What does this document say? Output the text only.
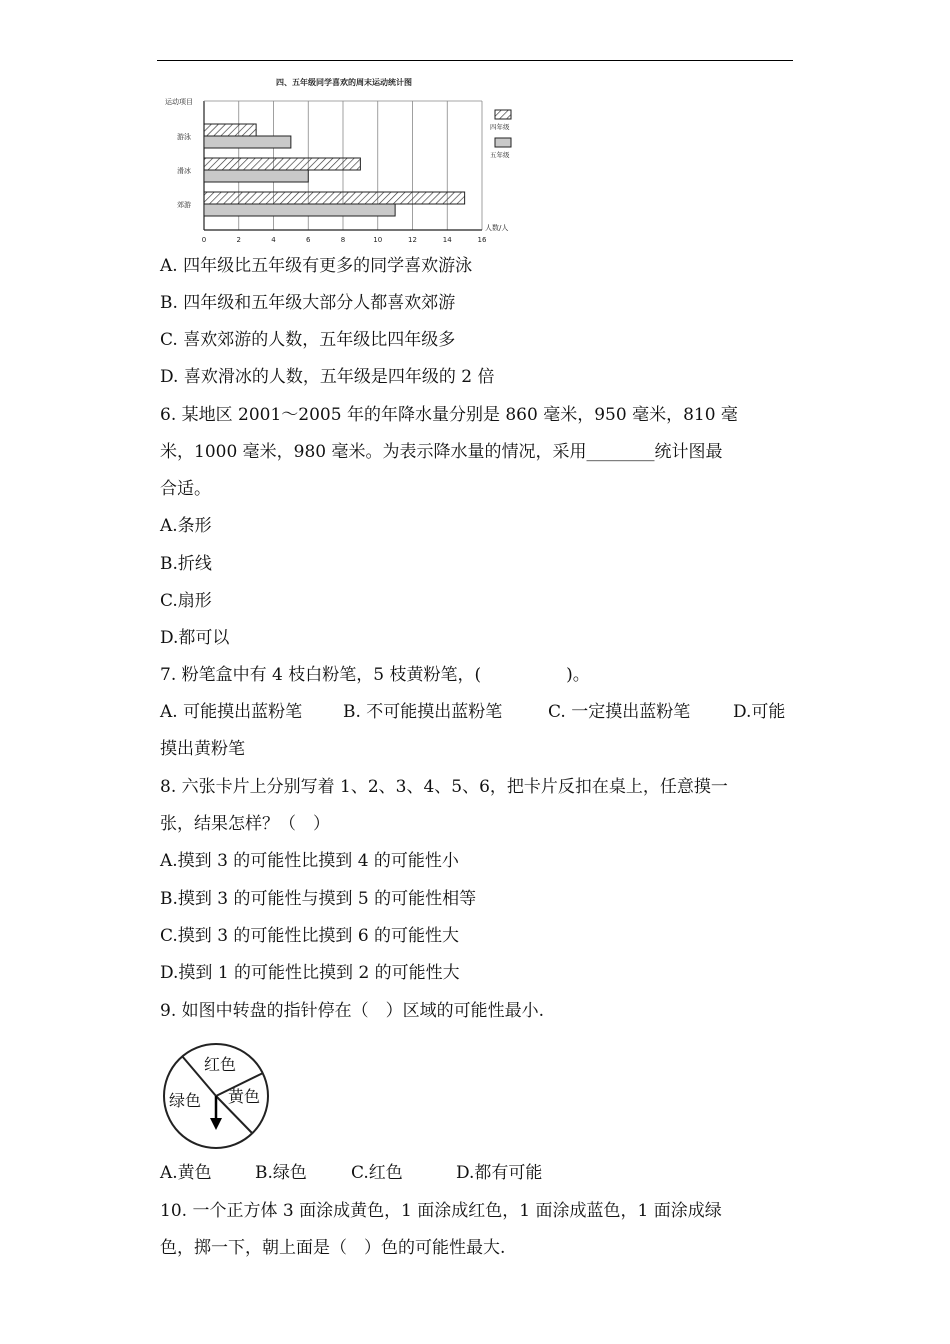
四、五年级同学喜欢的周末运动统计图
运动项目
人数/人
0	2	4	6	8	10	12	14	16
游泳
滑冰
郊游
四年级
五年级
A. 四年级比五年级有更多的同学喜欢游泳
B. 四年级和五年级大部分人都喜欢郊游
C. 喜欢郊游的人数，五年级比四年级多
D. 喜欢滑冰的人数，五年级是四年级的 2 倍
6. 某地区 2001～2005 年的年降水量分别是 860 毫米，950 毫米，810 毫
米，1000 毫米，980 毫米。为表示降水量的情况，采用________统计图最
合适。
A.条形
B.折线
C.扇形
D.都可以
7. 粉笔盒中有 4 枝白粉笔，5 枝黄粉笔，(　　　　　)。
A. 可能摸出蓝粉笔 B. 不可能摸出蓝粉笔	C. 一定摸出蓝粉笔	D.可能
摸出黄粉笔
8. 六张卡片上分别写着 1、2、3、4、5、6，把卡片反扣在桌上，任意摸一
张，结果怎样？（　）
A.摸到 3 的可能性比摸到 4 的可能性小
B.摸到 3 的可能性与摸到 5 的可能性相等
C.摸到 3 的可能性比摸到 6 的可能性大
D.摸到 1 的可能性比摸到 2 的可能性大
9. 如图中转盘的指针停在（　）区域的可能性最小.
红色
绿色 黄色
A.黄色	B.绿色	C.红色	D.都有可能
10. 一个正方体 3 面涂成黄色，1 面涂成红色，1 面涂成蓝色，1 面涂成绿
色，掷一下，朝上面是（　）色的可能性最大.
